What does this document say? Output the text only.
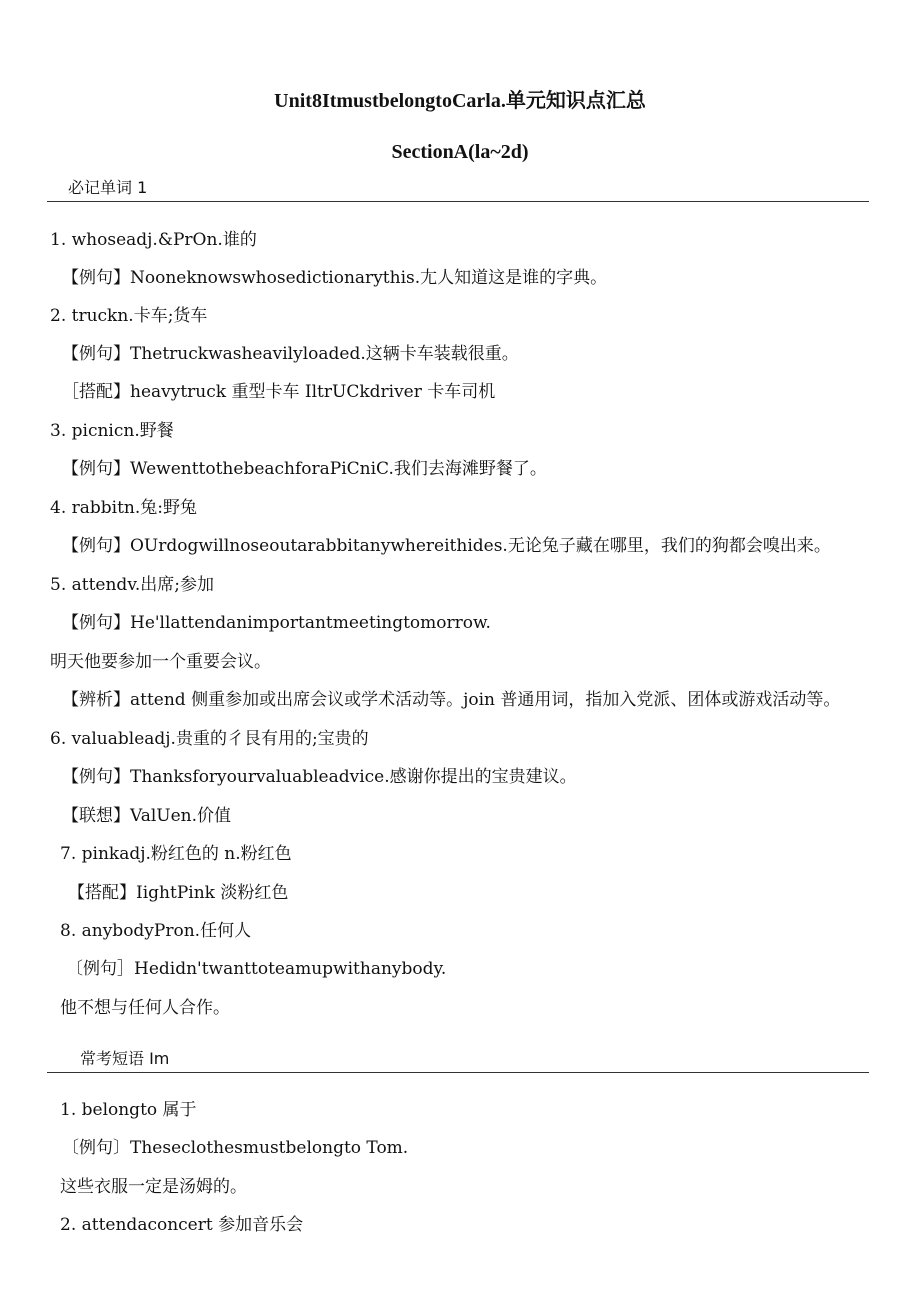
Unit8ItmustbelongtoCarla.单元知识点汇总
SectionA(la~2d)
必记单词 1
1. whoseadj.&PrOn.谁的
【例句】Nooneknowswhosedictionarythis.尢人知道这是谁的字典。
2. truckn.卡车;货车
【例句】Thetruckwasheavilyloaded.这辆卡车装载很重。
［搭配】heavytruck 重型卡车 IltrUCkdriver 卡车司机
3. picnicn.野餐
【例句】WewenttothebeachforaPiCniC.我们去海滩野餐了。
4. rabbitn.兔:野兔
【例句】OUrdogwillnoseoutarabbitanywhereithides.无论兔子藏在哪里，我们的狗都会嗅出来。
5. attendv.出席;参加
【例句】He'llattendanimportantmeetingtomorrow.
明天他要参加一个重要会议。
【辨析】attend 侧重参加或出席会议或学术活动等。join 普通用词，指加入党派、团体或游戏活动等。
6. valuableadj.贵重的彳艮有用的;宝贵的
【例句】Thanksforyourvaluableadvice.感谢你提出的宝贵建议。
【联想】ValUen.价值
7. pinkadj.粉红色的 n.粉红色
【搭配】IightPink 淡粉红色
8. anybodyPron.任何人
〔例句］Hedidn'twanttoteamupwithanybody.
他不想与任何人合作。
常考短语 Im
1. belongto 属于
〔例句〕Theseclothesmustbelongto Tom.
这些衣服一定是汤姆的。
2. attendaconcert 参加音乐会
